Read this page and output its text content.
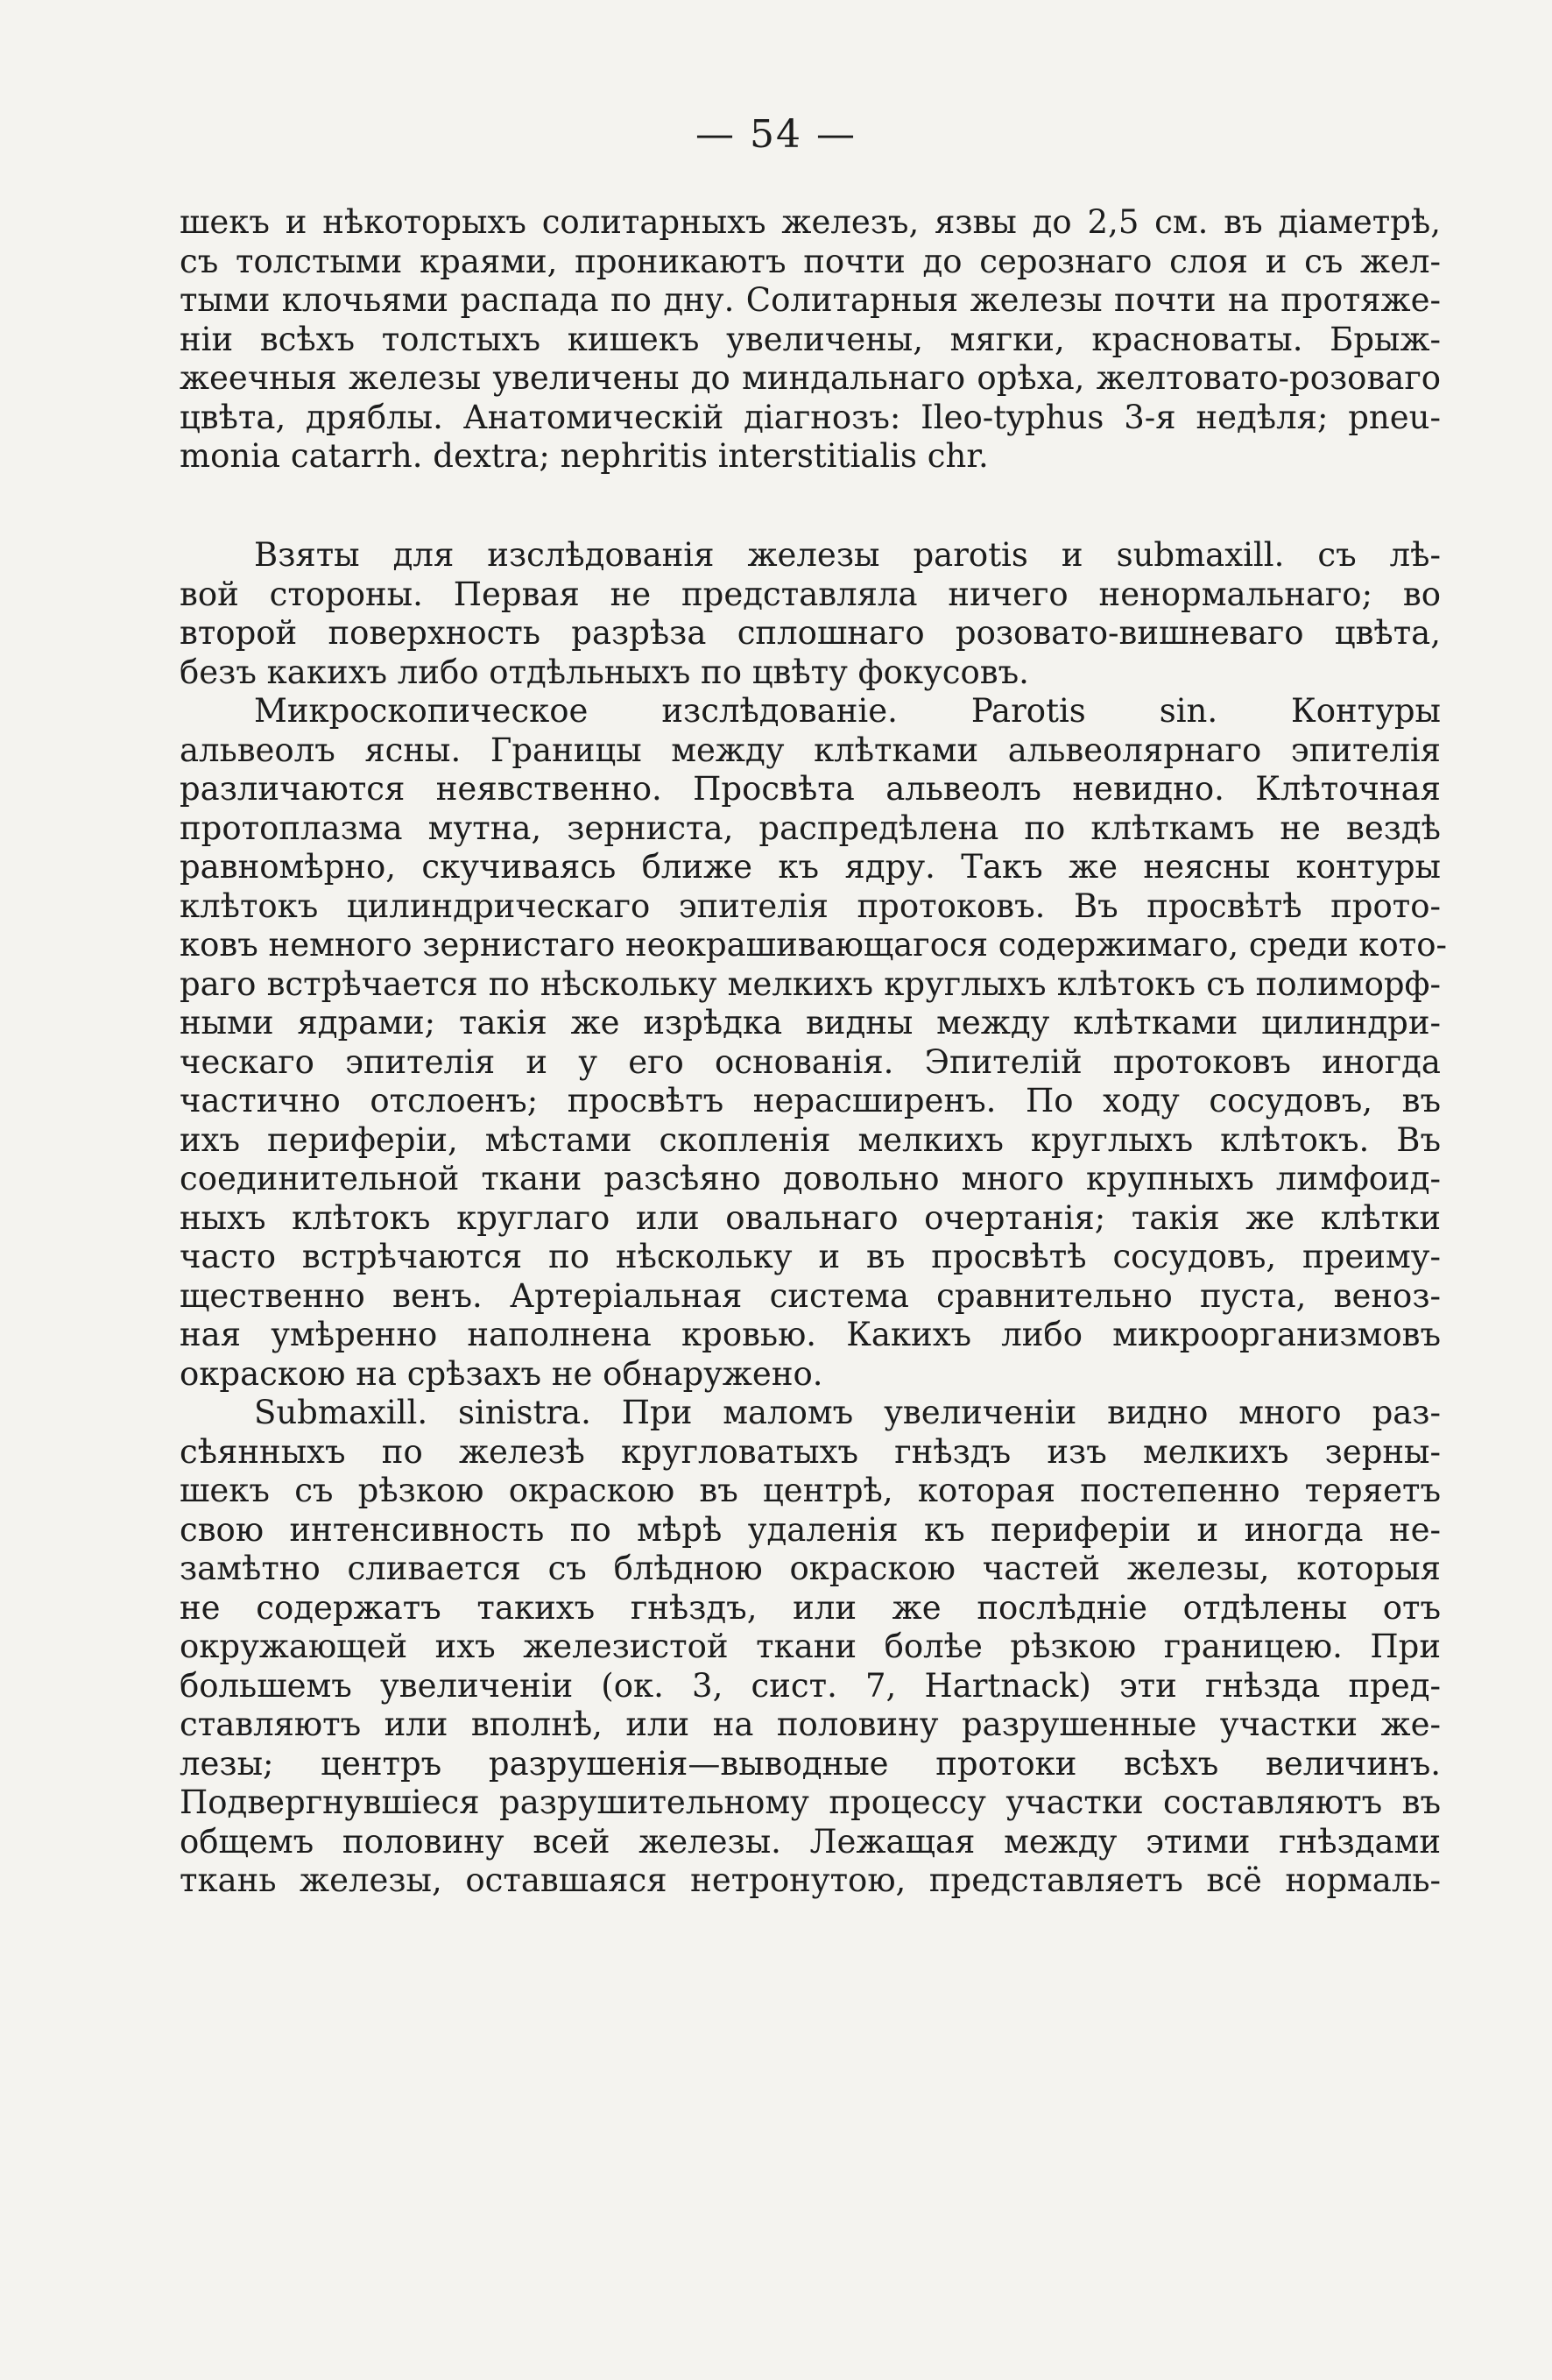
— 54 —
шекъ и нѣкоторыхъ солитарныхъ железъ, язвы до 2,5 см. въ діаметрѣ,
съ толстыми краями, проникаютъ почти до серознаго слоя и съ жел-
тыми клочьями распада по дну. Солитарныя железы почти на протяже-
ніи всѣхъ толстыхъ кишекъ увеличены, мягки, красноваты. Брыж-
жеечныя железы увеличены до миндальнаго орѣха, желтовато-розоваго
цвѣта, дряблы. Анатомическій діагнозъ: Ileo-typhus 3-я недѣля; pneu-
monia catarrh. dextra; nephritis interstitialis chr.
Взяты для изслѣдованія железы parotis и submaxill. съ лѣ-
вой стороны. Первая не представляла ничего ненормальнаго; во
второй поверхность разрѣза сплошнаго розовато-вишневаго цвѣта,
безъ какихъ либо отдѣльныхъ по цвѣту фокусовъ.
Микроскопическое изслѣдованіе. Parotis sin. Контуры
альвеолъ ясны. Границы между клѣтками альвеолярнаго эпителія
различаются неявственно. Просвѣта альвеолъ невидно. Клѣточная
протоплазма мутна, зерниста, распредѣлена по клѣткамъ не вездѣ
равномѣрно, скучиваясь ближе къ ядру. Такъ же неясны контуры
клѣтокъ цилиндрическаго эпителія протоковъ. Въ просвѣтѣ прото-
ковъ немного зернистаго неокрашивающагося содержимаго, среди кото-
раго встрѣчается по нѣскольку мелкихъ круглыхъ клѣтокъ съ полиморф-
ными ядрами; такія же изрѣдка видны между клѣтками цилиндри-
ческаго эпителія и у его основанія. Эпителій протоковъ иногда
частично отслоенъ; просвѣтъ нерасширенъ. По ходу сосудовъ, въ
ихъ периферіи, мѣстами скопленія мелкихъ круглыхъ клѣтокъ. Въ
соединительной ткани разсѣяно довольно много крупныхъ лимфоид-
ныхъ клѣтокъ круглаго или овальнаго очертанія; такія же клѣтки
часто встрѣчаются по нѣскольку и въ просвѣтѣ сосудовъ, преиму-
щественно венъ. Артеріальная система сравнительно пуста, веноз-
ная умѣренно наполнена кровью. Какихъ либо микроорганизмовъ
окраскою на срѣзахъ не обнаружено.
Submaxill. sinistra. При маломъ увеличеніи видно много раз-
сѣянныхъ по железѣ кругловатыхъ гнѣздъ изъ мелкихъ зерны-
шекъ съ рѣзкою окраскою въ центрѣ, которая постепенно теряетъ
свою интенсивность по мѣрѣ удаленія къ периферіи и иногда не-
замѣтно сливается съ блѣдною окраскою частей железы, которыя
не содержатъ такихъ гнѣздъ, или же послѣдніе отдѣлены отъ
окружающей ихъ железистой ткани болѣе рѣзкою границею. При
большемъ увеличеніи (ок. 3, сист. 7, Hartnack) эти гнѣзда пред-
ставляютъ или вполнѣ, или на половину разрушенные участки же-
лезы; центръ разрушенія—выводные протоки всѣхъ величинъ.
Подвергнувшіеся разрушительному процессу участки составляютъ въ
общемъ половину всей железы. Лежащая между этими гнѣздами
ткань железы, оставшаяся нетронутою, представляетъ всё нормаль-
